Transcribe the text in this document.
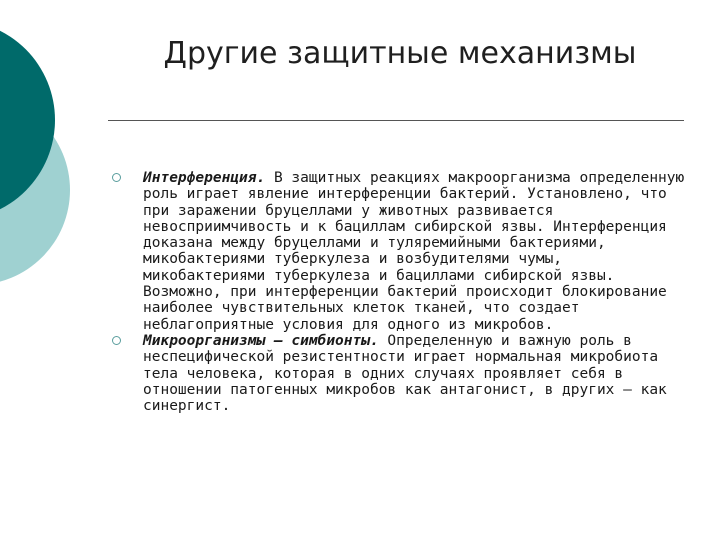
Другие защитные механизмы
Интерференция. В защитных реакциях макроорганизма определенную роль играет явление интерференции бактерий. Установлено, что при заражении бруцеллами у животных развивается невосприимчивость и к бациллам сибирской язвы. Интерференция доказана между бруцеллами и туляремийными бактериями, микобактериями туберкулеза и возбудителями чумы, микобактериями туберкулеза и бациллами сибирской язвы. Возможно, при интерференции бактерий происходит блокирование наиболее чувствительных клеток тканей, что создает неблагоприятные условия для одного из микробов.
Микроорганизмы – симбионты. Определенную и важную роль в неспецифической резистентности играет нормальная микробиота тела человека, которая в одних случаях проявляет себя в отношении патогенных микробов как антагонист, в других – как синергист.
